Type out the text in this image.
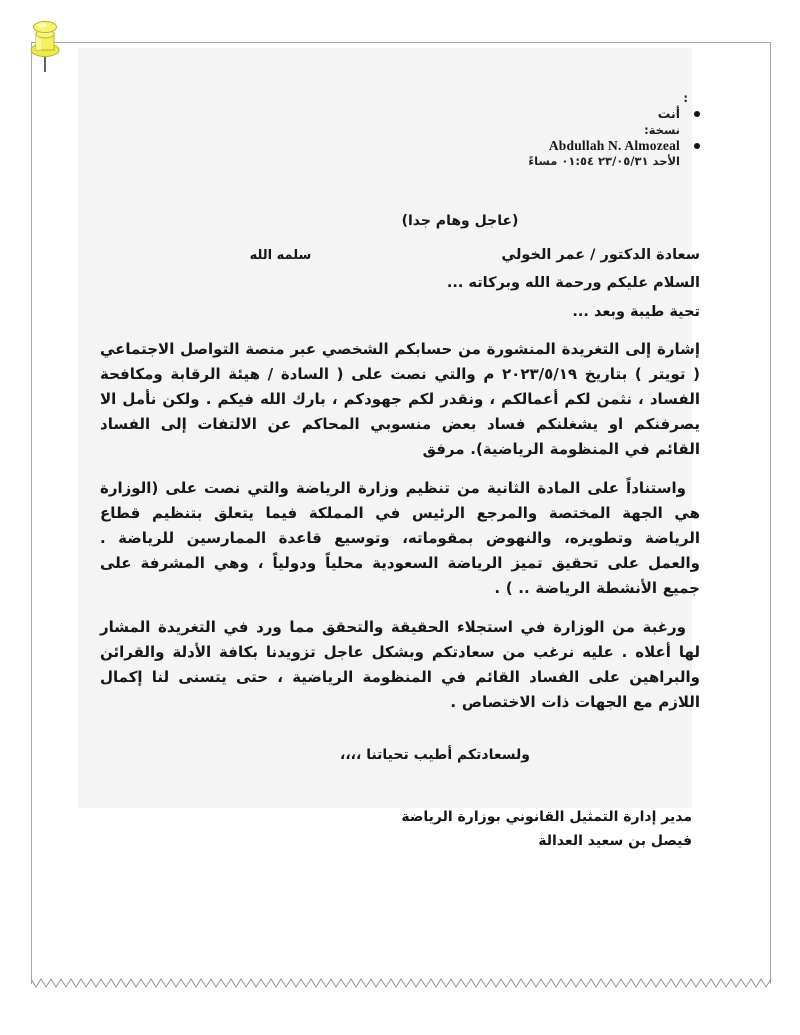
:
أنت
نسخة:
Abdullah N. Almozeal
الأحد ٢٣/٠٥/٣١ ٠١:٥٤ مساءً
(عاجل وهام جدا)
سعادة الدكتور / عمر الخولي
سلمه الله
السلام عليكم ورحمة الله وبركاته ...
تحية طيبة وبعد ...

إشارة إلى التغريدة المنشورة من حسابكم الشخصي عبر منصة التواصل الاجتماعي ( تويتر ) بتاريخ ٢٠٢٣/٥/١٩ م والتي نصت على ( السادة / هيئة الرقابة ومكافحة الفساد ، نثمن لكم أعمالكم ، ونقدر لكم جهودكم ، بارك الله فيكم . ولكن نأمل الا يصرفنكم او يشغلنكم فساد بعض منسوبي المحاكم عن الالتفات إلى الفساد القائم في المنظومة الرياضية). مرفق

واستناداً على المادة الثانية من تنظيم وزارة الرياضة والتي نصت على (الوزارة هي الجهة المختصة والمرجع الرئيس في المملكة فيما يتعلق بتنظيم قطاع الرياضة وتطويره، والنهوض بمقوماته، وتوسيع قاعدة الممارسين للرياضة . والعمل على تحقيق تميز الرياضة السعودية محلياً ودولياً ، وهي المشرفة على جميع الأنشطة الرياضة .. ) .

ورغبة من الوزارة في استجلاء الحقيقة والتحقق مما ورد في التغريدة المشار لها أعلاه . عليه نرغب من سعادتكم وبشكل عاجل تزويدنا بكافة الأدلة والقرائن والبراهين على الفساد القائم في المنظومة الرياضية ، حتى يتسنى لنا إكمال اللازم مع الجهات ذات الاختصاص .

ولسعادتكم أطيب تحياتنا ،،،،
مدير إدارة التمثيل القانوني بوزارة الرياضة
فيصل بن سعيد العدالة
